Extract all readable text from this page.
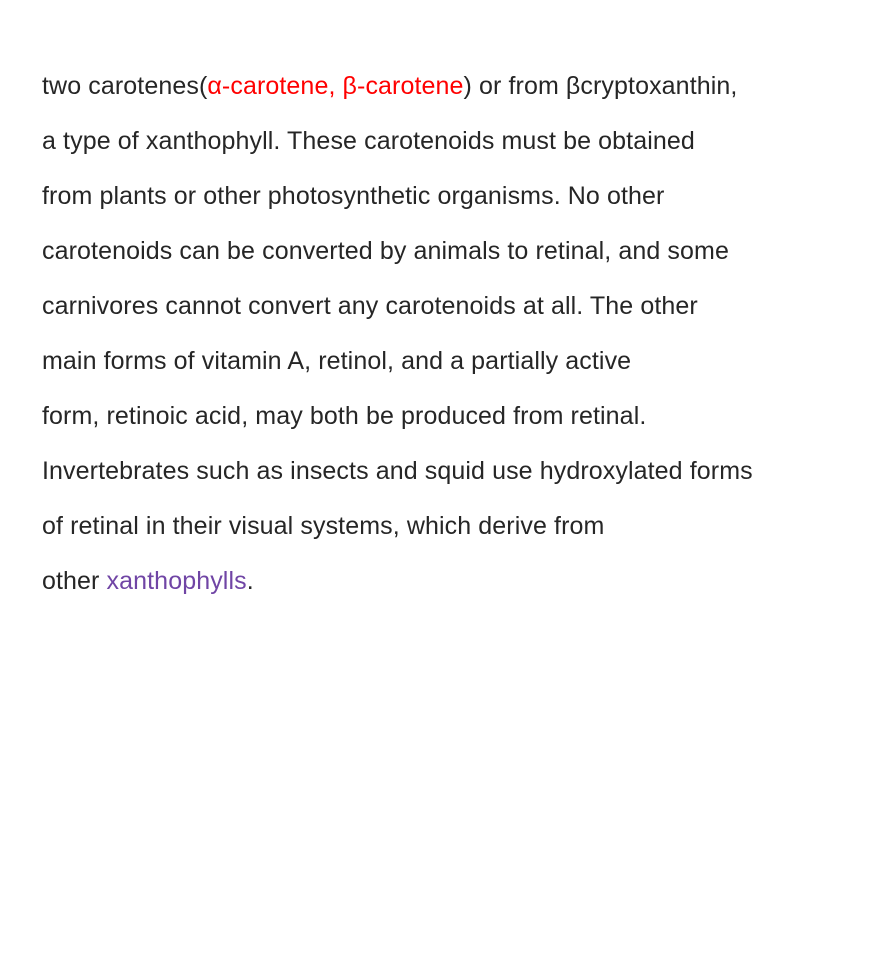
two carotenes(α-carotene, β-carotene) or from βcryptoxanthin,
a type of xanthophyll. These carotenoids must be obtained
from plants or other photosynthetic organisms. No other
carotenoids can be converted by animals to retinal, and some
carnivores cannot convert any carotenoids at all. The other
main forms of vitamin A, retinol, and a partially active
form, retinoic acid, may both be produced from retinal.
Invertebrates such as insects and squid use hydroxylated forms
of retinal in their visual systems, which derive from
other xanthophylls.
